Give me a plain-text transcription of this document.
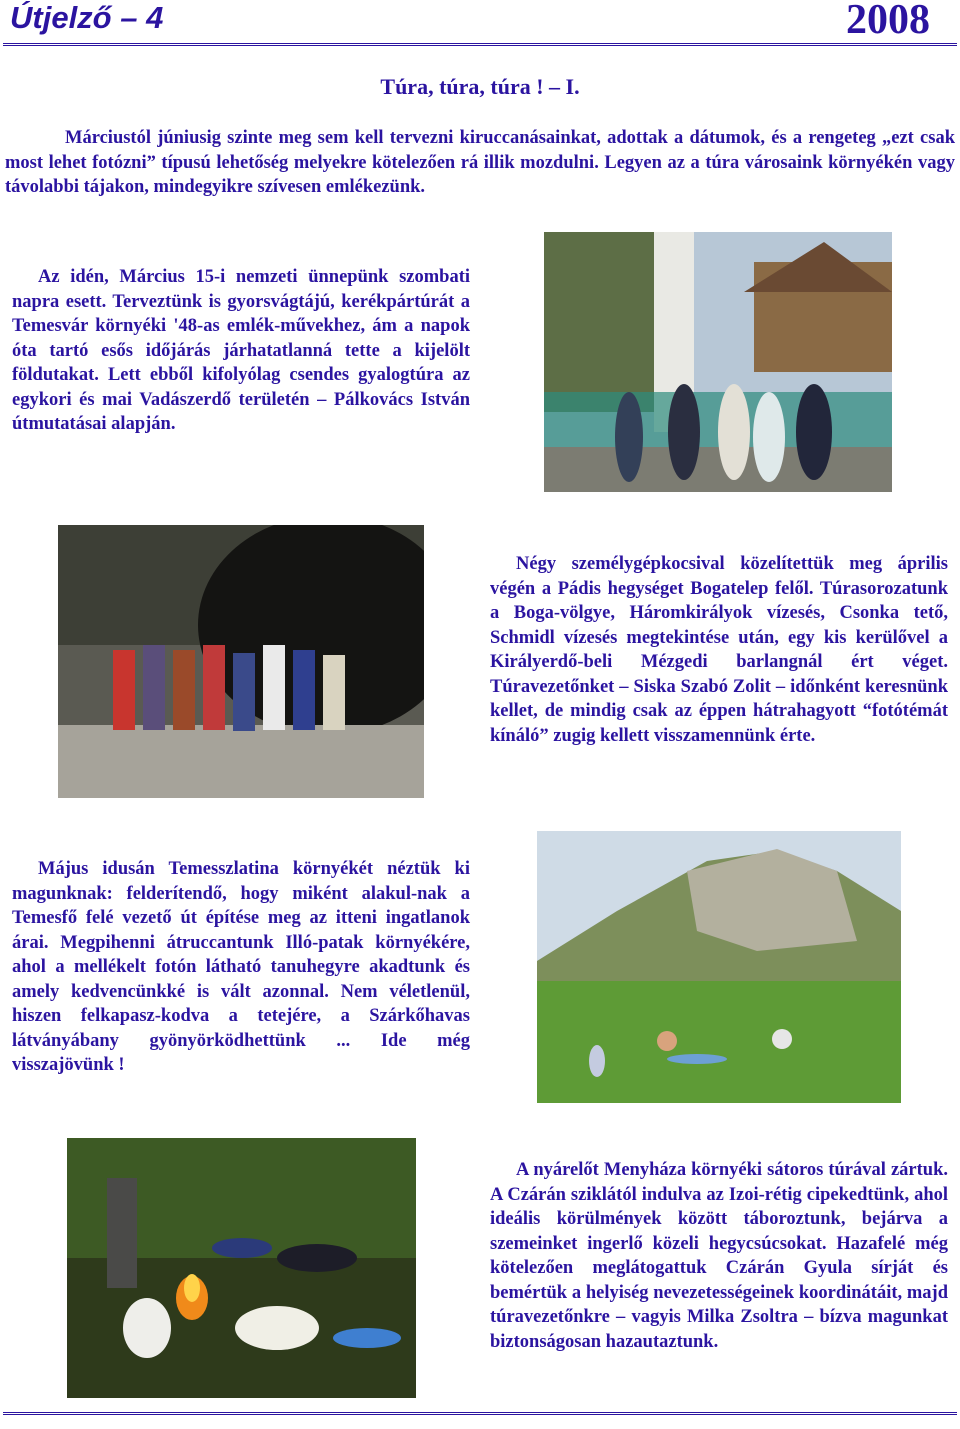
Útjelző – 4	2008
Túra, túra, túra ! – I.

Márciustól júniusig szinte meg sem kell tervezni kiruccanásainkat, adottak a dátumok, és a rengeteg „ezt csak most lehet fotózni” típusú lehetőség melyekre kötelezően rá illik mozdulni. Legyen az a túra városaink környékén vagy távolabbi tájakon, mindegyikre szívesen emlékezünk.

Az idén, Március 15-i nemzeti ünnepünk szombati napra esett. Terveztünk is gyorsvágtájú, kerékpártúrát a Temesvár környéki '48-as emlék-művekhez, ám a napok óta tartó esős időjárás járhatatlanná tette a kijelölt földutakat. Lett ebből kifolyólag csendes gyalogtúra az egykori és mai Vadászerdő területén – Pálkovács István útmutatásai alapján.

Négy személygépkocsival közelítettük meg április végén a Pádis hegységet Bogatelep felől. Túrasorozatunk a Boga-völgye, Háromkirályok vízesés, Csonka tető, Schmidl vízesés megtekintése után, egy kis kerülővel a Királyerdő-beli Mézgedi barlangnál ért véget. Túravezetőnket – Siska Szabó Zolit – időnként keresnünk kellet, de mindig csak az éppen hátrahagyott “fotótémát kínáló” zugig kellett visszamennünk érte.

Május idusán Temesszlatina környékét néztük ki magunknak: felderítendő, hogy miként alakul-nak a Temesfő felé vezető út építése meg az itteni ingatlanok árai. Megpihenni átruccantunk Illó-patak környékére, ahol a mellékelt fotón látható tanuhegyre akadtunk és amely kedvencünkké is vált azonnal. Nem véletlenül, hiszen felkapasz-kodva a tetejére, a Szárkőhavas látványábany gyönyörködhettünk ... Ide még visszajövünk !

A nyárelőt Menyháza környéki sátoros túrával zártuk. A Czárán sziklától indulva az Izoi-rétig cipekedtünk, ahol ideális körülmények között táboroztunk, bejárva a szemeinket ingerlő közeli hegycsúcsokat. Hazafelé még kötelezően meglátogattuk Czárán Gyula sírját és bemértük a helyiség nevezetességeinek koordinátáit, majd túravezetőnkre – vagyis Milka Zsoltra – bízva magunkat biztonságosan hazautaztunk.
